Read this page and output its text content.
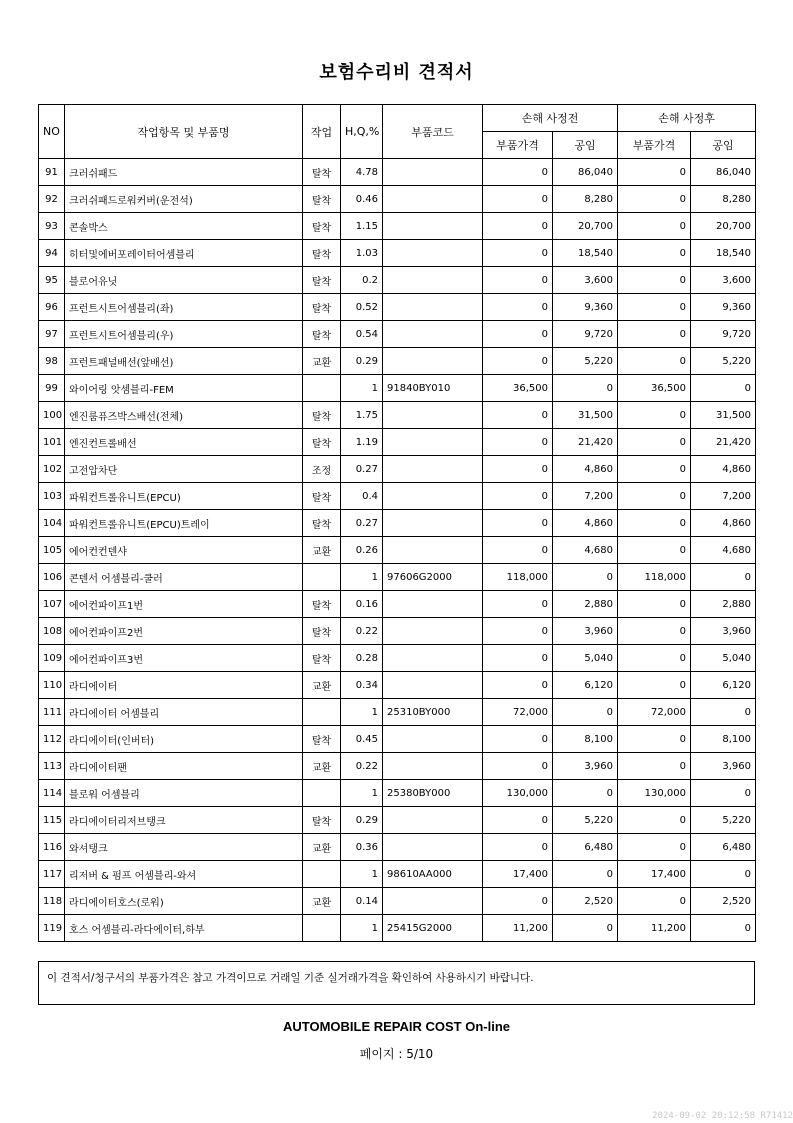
보험수리비 견적서
NO	작업항목 및 부품명	작업	H,Q,%	부품코드	손해 사정전		손해 사정후	
					부품가격	공임	부품가격	공임
91	크러쉬패드	탈착	4.78		0	86,040	0	86,040
92	크러쉬패드로워커버(운전석)	탈착	0.46		0	8,280	0	8,280
93	콘솔박스	탈착	1.15		0	20,700	0	20,700
94	히터및에버포레이터어셈블리	탈착	1.03		0	18,540	0	18,540
95	블로어유닛	탈착	0.2		0	3,600	0	3,600
96	프런트시트어셈블리(좌)	탈착	0.52		0	9,360	0	9,360
97	프런트시트어셈블리(우)	탈착	0.54		0	9,720	0	9,720
98	프런트패널배선(앞배선)	교환	0.29		0	5,220	0	5,220
99	와이어링 앗셈블리-FEM		1	91840BY010	36,500	0	36,500	0
100	엔진룸퓨즈박스배선(전체)	탈착	1.75		0	31,500	0	31,500
101	엔진컨트롤배선	탈착	1.19		0	21,420	0	21,420
102	고전압차단	조정	0.27		0	4,860	0	4,860
103	파워컨트롤유니트(EPCU)	탈착	0.4		0	7,200	0	7,200
104	파워컨트롤유니트(EPCU)트레이	탈착	0.27		0	4,860	0	4,860
105	에어컨컨덴샤	교환	0.26		0	4,680	0	4,680
106	콘덴서 어셈블리-쿨러		1	97606G2000	118,000	0	118,000	0
107	에어컨파이프1번	탈착	0.16		0	2,880	0	2,880
108	에어컨파이프2번	탈착	0.22		0	3,960	0	3,960
109	에어컨파이프3번	탈착	0.28		0	5,040	0	5,040
110	라디에이터	교환	0.34		0	6,120	0	6,120
111	라디에이터 어셈블리		1	25310BY000	72,000	0	72,000	0
112	라디에이터(인버터)	탈착	0.45		0	8,100	0	8,100
113	라디에이터팬	교환	0.22		0	3,960	0	3,960
114	블로워 어셈블리		1	25380BY000	130,000	0	130,000	0
115	라디에이터리저브탱크	탈착	0.29		0	5,220	0	5,220
116	와셔탱크	교환	0.36		0	6,480	0	6,480
117	리저버 & 펌프 어셈블리-와셔		1	98610AA000	17,400	0	17,400	0
118	라디에이터호스(로워)	교환	0.14		0	2,520	0	2,520
119	호스 어셈블리-라다에이터,하부		1	25415G2000	11,200	0	11,200	0
이 견적서/청구서의 부품가격은 참고 가격이므로 거래일 기준 실거래가격을 확인하여 사용하시기 바랍니다.
AUTOMOBILE REPAIR COST On-line
페이지 : 5/10
2024-09-02 20:12:58 R71412
